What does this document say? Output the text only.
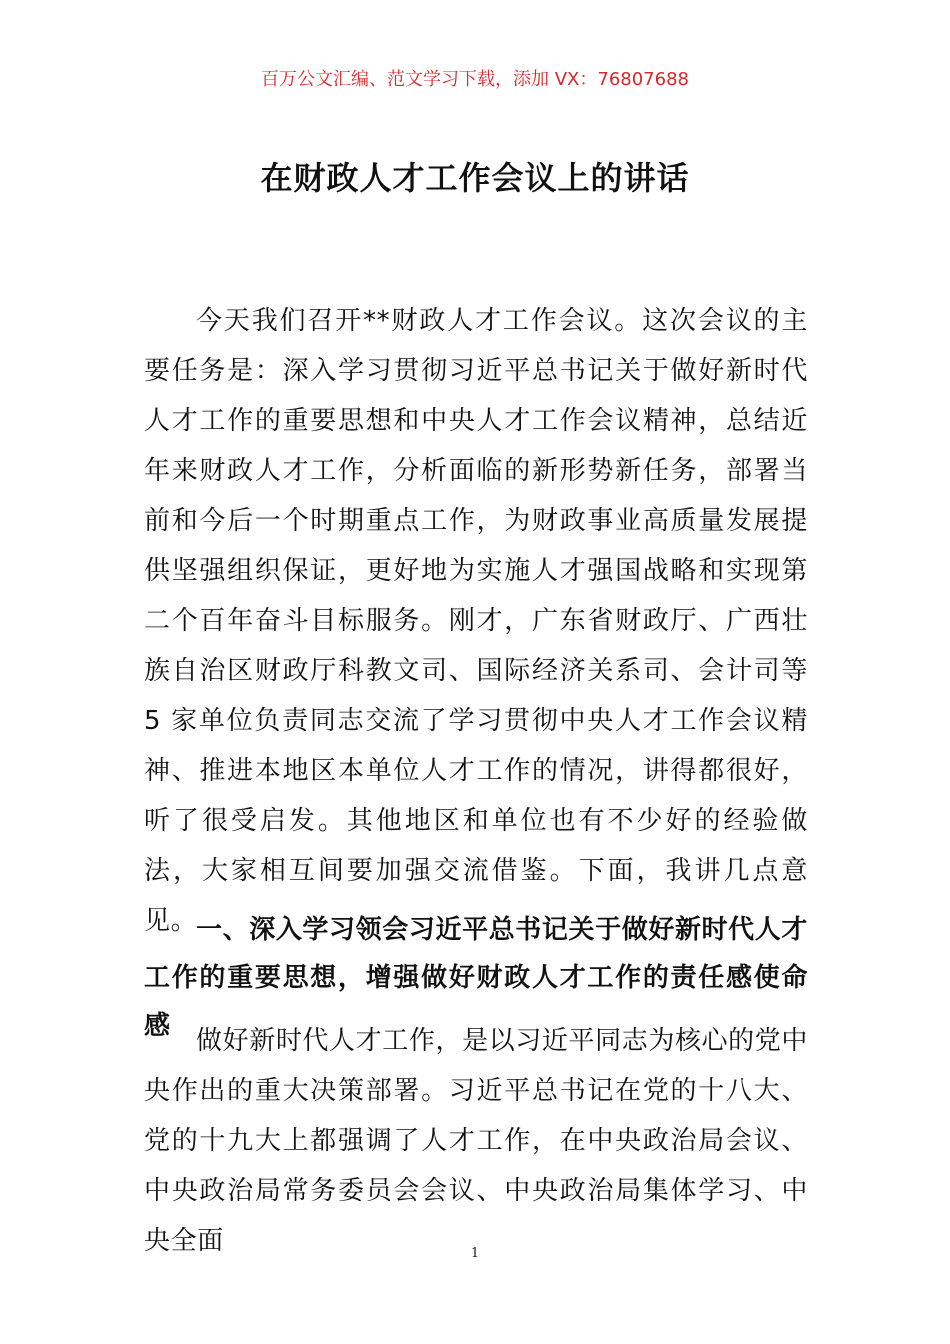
百万公文汇编、范文学习下载，添加 VX：76807688
在财政人才工作会议上的讲话

今天我们召开**财政人才工作会议。这次会议的主要任务是：深入学习贯彻习近平总书记关于做好新时代人才工作的重要思想和中央人才工作会议精神，总结近年来财政人才工作，分析面临的新形势新任务，部署当前和今后一个时期重点工作，为财政事业高质量发展提供坚强组织保证，更好地为实施人才强国战略和实现第二个百年奋斗目标服务。刚才，广东省财政厅、广西壮族自治区财政厅科教文司、国际经济关系司、会计司等 5 家单位负责同志交流了学习贯彻中央人才工作会议精神、推进本地区本单位人才工作的情况，讲得都很好，听了很受启发。其他地区和单位也有不少好的经验做法，大家相互间要加强交流借鉴。下面，我讲几点意见。

一、深入学习领会习近平总书记关于做好新时代人才工作的重要思想，增强做好财政人才工作的责任感使命感 做好新时代人才工作，是以习近平同志为核心的党中央作出的重大决策部署。习近平总书记在党的十八大、党的十九大上都强调了人才工作，在中央政治局会议、中央政治局常务委员会会议、中央政治局集体学习、中央全面	1
